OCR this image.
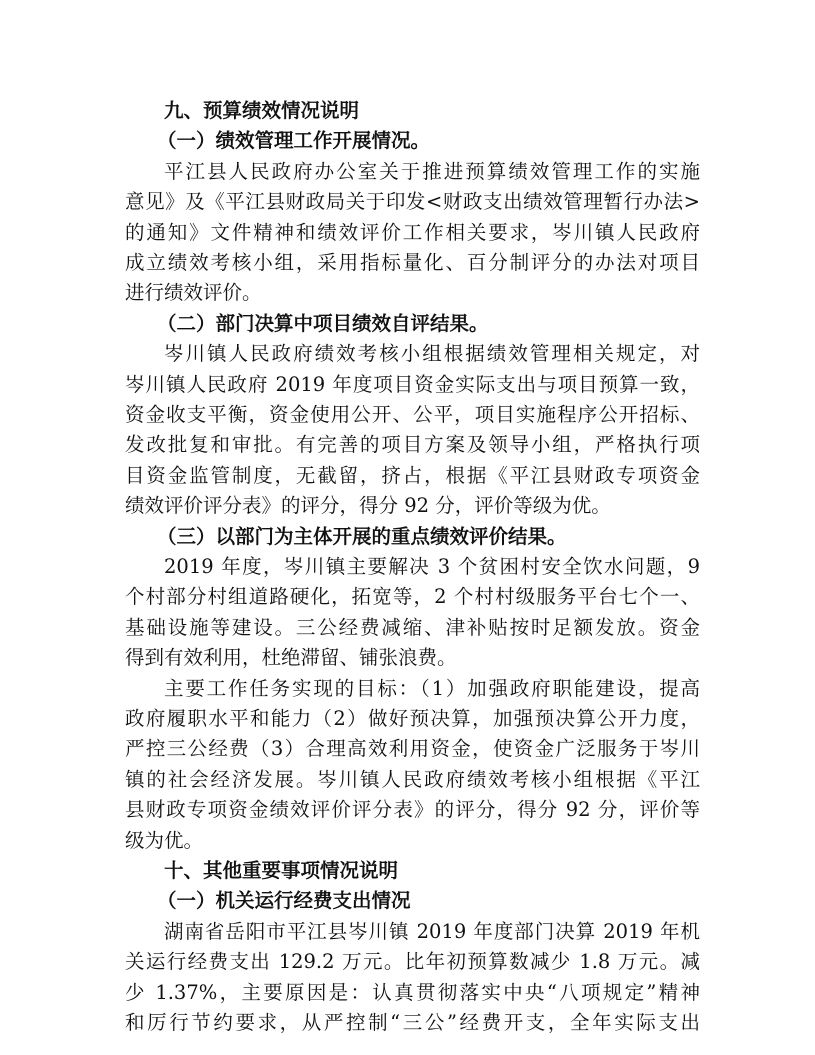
九、预算绩效情况说明
（一）绩效管理工作开展情况。
平江县人民政府办公室关于推进预算绩效管理工作的实施
意见》及《平江县财政局关于印发<财政支出绩效管理暂行办法>
的通知》文件精神和绩效评价工作相关要求，岑川镇人民政府
成立绩效考核小组，采用指标量化、百分制评分的办法对项目
进行绩效评价。
（二）部门决算中项目绩效自评结果。
岑川镇人民政府绩效考核小组根据绩效管理相关规定，对
岑川镇人民政府 2019 年度项目资金实际支出与项目预算一致，
资金收支平衡，资金使用公开、公平，项目实施程序公开招标、
发改批复和审批。有完善的项目方案及领导小组，严格执行项
目资金监管制度，无截留，挤占，根据《平江县财政专项资金
绩效评价评分表》的评分，得分 92 分，评价等级为优。
（三）以部门为主体开展的重点绩效评价结果。
2019 年度，岑川镇主要解决 3 个贫困村安全饮水问题，9
个村部分村组道路硬化，拓宽等，2 个村村级服务平台七个一、
基础设施等建设。三公经费减缩、津补贴按时足额发放。资金
得到有效利用，杜绝滞留、铺张浪费。
主要工作任务实现的目标：（1）加强政府职能建设，提高
政府履职水平和能力（2）做好预决算，加强预决算公开力度，
严控三公经费（3）合理高效利用资金，使资金广泛服务于岑川
镇的社会经济发展。岑川镇人民政府绩效考核小组根据《平江
县财政专项资金绩效评价评分表》的评分，得分 92 分，评价等
级为优。
十、其他重要事项情况说明
（一）机关运行经费支出情况
湖南省岳阳市平江县岑川镇 2019 年度部门决算 2019 年机
关运行经费支出 129.2 万元。比年初预算数减少 1.8 万元。减
少 1.37%，主要原因是：认真贯彻落实中央“八项规定”精神
和厉行节约要求，从严控制“三公”经费开支，全年实际支出
